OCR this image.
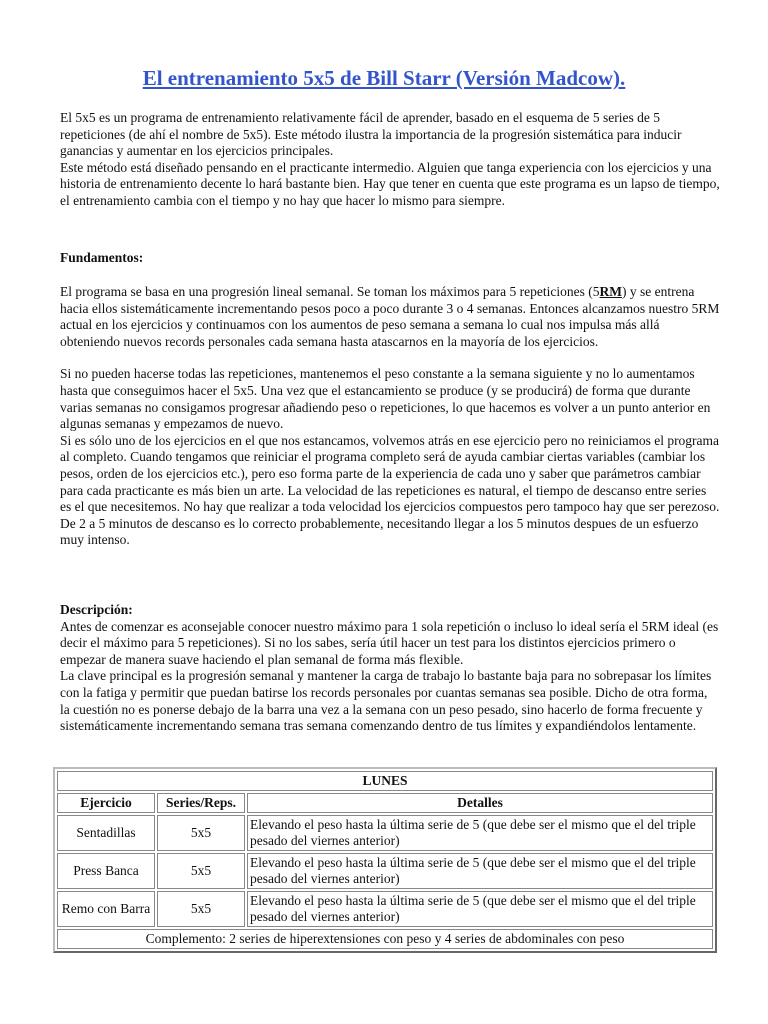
El entrenamiento 5x5 de Bill Starr (Versión Madcow).

El 5x5 es un programa de entrenamiento relativamente fácil de aprender, basado en el esquema de 5 series de 5 repeticiones (de ahí el nombre de 5x5). Este método ilustra la importancia de la progresión sistemática para inducir ganancias y aumentar en los ejercicios principales.

Este método está diseñado pensando en el practicante intermedio. Alguien que tanga experiencia con los ejercicios y una historia de entrenamiento decente lo hará bastante bien. Hay que tener en cuenta que este programa es un lapso de tiempo, el entrenamiento cambia con el tiempo y no hay que hacer lo mismo para siempre.

Fundamentos:

El programa se basa en una progresión lineal semanal. Se toman los máximos para 5 repeticiones (5RM) y se entrena hacia ellos sistemáticamente incrementando pesos poco a poco durante 3 o 4 semanas. Entonces alcanzamos nuestro 5RM actual en los ejercicios y continuamos con los aumentos de peso semana a semana lo cual nos impulsa más allá obteniendo nuevos records personales cada semana hasta atascarnos en la mayoría de los ejercicios.

Si no pueden hacerse todas las repeticiones, mantenemos el peso constante a la semana siguiente y no lo aumentamos hasta que conseguimos hacer el 5x5. Una vez que el estancamiento se produce (y se producirá) de forma que durante varias semanas no consigamos progresar añadiendo peso o repeticiones, lo que hacemos es volver a un punto anterior en algunas semanas y empezamos de nuevo.

Si es sólo uno de los ejercicios en el que nos estancamos, volvemos atrás en ese ejercicio pero no reiniciamos el programa al completo. Cuando tengamos que reiniciar el programa completo será de ayuda cambiar ciertas variables (cambiar los pesos, orden de los ejercicios etc.), pero eso forma parte de la experiencia de cada uno y saber que parámetros cambiar para cada practicante es más bien un arte. La velocidad de las repeticiones es natural, el tiempo de descanso entre series es el que necesitemos. No hay que realizar a toda velocidad los ejercicios compuestos pero tampoco hay que ser perezoso. De 2 a 5 minutos de descanso es lo correcto probablemente, necesitando llegar a los 5 minutos despues de un esfuerzo muy intenso.

Descripción:

Antes de comenzar es aconsejable conocer nuestro máximo para 1 sola repetición o incluso lo ideal sería el 5RM ideal (es decir el máximo para 5 repeticiones). Si no los sabes, sería útil hacer un test para los distintos ejercicios primero o empezar de manera suave haciendo el plan semanal de forma más flexible.

La clave principal es la progresión semanal y mantener la carga de trabajo lo bastante baja para no sobrepasar los límites con la fatiga y permitir que puedan batirse los records personales por cuantas semanas sea posible. Dicho de otra forma, la cuestión no es ponerse debajo de la barra una vez a la semana con un peso pesado, sino hacerlo de forma frecuente y sistemáticamente incrementando semana tras semana comenzando dentro de tus límites y expandiéndolos lentamente.

LUNES		
Ejercicio	Series/Reps.	Detalles
Sentadillas	5x5	Elevando el peso hasta la última serie de 5 (que debe ser el mismo que el del triple pesado del viernes anterior)
Press Banca	5x5	Elevando el peso hasta la última serie de 5 (que debe ser el mismo que el del triple pesado del viernes anterior)
Remo con Barra	5x5	Elevando el peso hasta la última serie de 5 (que debe ser el mismo que el del triple pesado del viernes anterior)
Complemento: 2 series de hiperextensiones con peso y 4 series de abdominales con peso		
